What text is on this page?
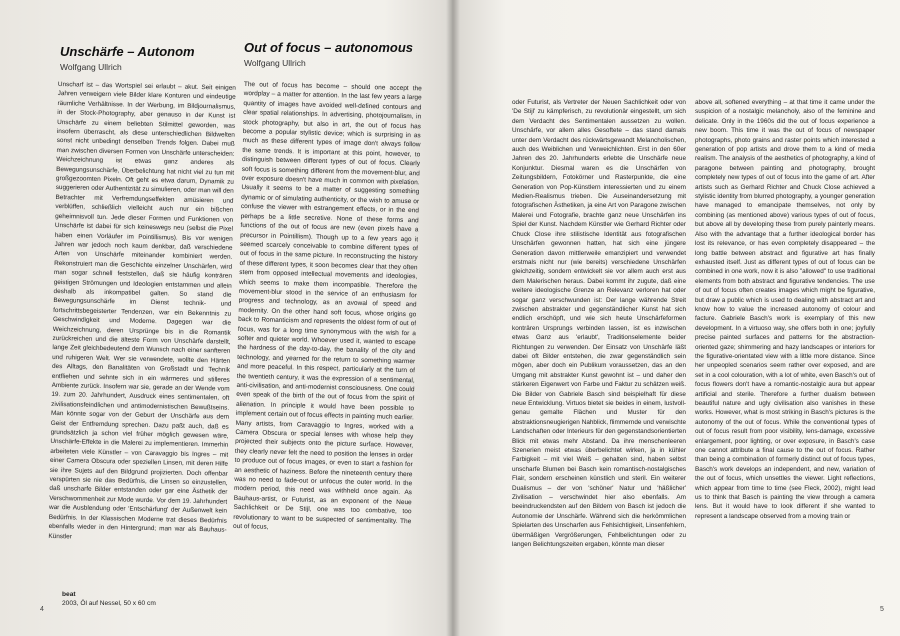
Unschärfe – Autonom
Wolfgang Ullrich
Out of focus – autonomous
Wolfgang Ullrich

Unscharf ist – das Wortspiel sei erlaubt – akut. Seit einigen Jahren verweigern viele Bilder klare Konturen und eindeutige räumliche Verhältnisse. In der Werbung, im Bildjournalismus, in der Stock-Photography, aber genauso in der Kunst ist Unschärfe zu einem beliebten Stilmittel geworden, was insofern überrascht, als diese unterschiedlichen Bildwelten sonst nicht unbedingt denselben Trends folgen. Dabei muß man zwischen diversen Formen von Unschärfe unterscheiden: Weichzeichnung ist etwas ganz anderes als Bewegungsunschärfe, Überbelichtung hat nicht viel zu tun mit großgezoomten Pixeln. Oft geht es etwa darum, Dynamik zu suggerieren oder Authentizität zu simulieren, oder man will den Betrachter mit Verfremdungseffekten amüsieren und verblüffen, schließlich vielleicht auch nur ein bißchen geheimnisvoll tun. Jede dieser Formen und Funktionen von Unschärfe ist dabei für sich keineswegs neu (selbst die Pixel haben einen Vorläufer im Pointillismus). Bis vor wenigen Jahren war jedoch noch kaum denkbar, daß verschiedene Arten von Unschärfe miteinander kombiniert werden. Rekonstruiert man die Geschichte einzelner Unschärfen, wird man sogar schnell feststellen, daß sie häufig konträren geistigen Strömungen und Ideologien entstammen und allein deshalb als inkompatibel galten. So stand die Bewegungsunschärfe im Dienst technik- und fortschrittsbegeisterter Tendenzen, war ein Bekenntnis zu Geschwindigkeit und Moderne. Dagegen war die Weichzeichnung, deren Ursprünge bis in die Romantik zurückreichen und die älteste Form von Unschärfe darstellt, lange Zeit gleichbedeutend dem Wunsch nach einer sanfteren und ruhigeren Welt. Wer sie verwendete, wollte den Härten des Alltags, den Banalitäten von Großstadt und Technik entfliehen und sehnte sich in ein wärmeres und stilleres Ambiente zurück. Insofern war sie, gerade an der Wende vom 19. zum 20. Jahrhundert, Ausdruck eines sentimentalen, oft zivilisationsfeindlichen und antimodernistischen Bewußtseins. Man könnte sogar von der Geburt der Unschärfe aus dem Geist der Entfremdung sprechen. Dazu paßt auch, daß es grundsätzlich ja schon viel früher möglich gewesen wäre, Unschärfe-Effekte in die Malerei zu implementieren. Immerhin arbeiteten viele Künstler – von Caravaggio bis Ingres – mit einer Camera Obscura oder speziellen Linsen, mit deren Hilfe sie ihre Sujets auf den Bildgrund projizierten. Doch offenbar verspürten sie nie das Bedürfnis, die Linsen so einzustellen, daß unscharfe Bilder entstanden oder gar eine Ästhetik der Verschwommenheit zur Mode wurde. Vor dem 19. Jahrhundert war die Ausblendung oder 'Entschärfung' der Außenwelt kein Bedürfnis. In der Klassischen Moderne trat dieses Bedürfnis ebenfalls wieder in den Hintergrund; man war als Bauhaus-Künstler

The out of focus has become – should one accept the wordplay – a matter for attention. In the last few years a large quantity of images have avoided well-defined contours and clear spatial relationships. In advertising, photojournalism, in stock photography, but also in art, the out of focus has become a popular stylistic device; which is surprising in as much as these different types of image don't always follow the same trends. It is important at this point, however, to distinguish between different types of out of focus. Clearly soft focus is something different from the movement-blur, and over exposure doesn't have much in common with pixelation. Usually it seems to be a matter of suggesting something dynamic or of simulating authenticity, or the wish to amuse or confuse the viewer with estrangement effects, or in the end perhaps be a little secretive. None of these forms and functions of the out of focus are new (even pixels have a precursor in Pointillism). Though up to a few years ago it seemed scarcely conceivable to combine different types of out of focus in the same picture. In reconstructing the history of these different types, it soon becomes clear that they often stem from opposed intellectual movements and ideologies, which seems to make them incompatible. Therefore the movement-blur stood in the service of an enthusiasm for progress and technology, as an avowal of speed and modernity. On the other hand soft focus, whose origins go back to Romanticism and represents the oldest form of out of focus, was for a long time synonymous with the wish for a softer and quieter world. Whoever used it, wanted to escape the hardness of the day-to-day, the banality of the city and technology, and yearned for the return to something warmer and more peaceful. In this respect, particularly at the turn of the twentieth century, it was the expression of a sentimental, anti-civilisation, and anti-modernist consciousness. One could even speak of the birth of the out of focus from the spirit of alienation. In principle it would have been possible to implement certain out of focus effects in painting much earlier. Many artists, from Caravaggio to Ingres, worked with a Camera Obscura or special lenses with whose help they projected their subjects onto the picture surface. However, they clearly never felt the need to position the lenses in order to produce out of focus images, or even to start a fashion for an aesthetic of haziness. Before the nineteenth century there was no need to fade-out or unfocus the outer world. In the modern period, this need was withheld once again. As Bauhaus-artist, or Futurist, as an exponent of the Neue Sachlichkeit or De Stijl, one was too combative, too revolutionary to want to be suspected of sentimentality. The out of focus,

beat
2003, Öl auf Nessel, 50 x 60 cm
4

oder Futurist, als Vertreter der Neuen Sachlichkeit oder von 'De Stijl' zu kämpferisch, zu revolutionär eingestellt, um sich dem Verdacht des Sentimentalen aussetzen zu wollen. Unschärfe, vor allem alles Gesoftete – das stand damals unter dem Verdacht des rückwärtsgewandt Melancholischen, auch des Weiblichen und Verweichlichten. Erst in den 60er Jahren des 20. Jahrhunderts erlebte die Unschärfe neue Konjunktur. Diesmal waren es die Unschärfen von Zeitungsbildern, Fotokörner und Rasterpunkte, die eine Generation von Pop-Künstlern interessierten und zu einem Medien-Realismus trieben. Die Auseinandersetzung mit fotografischen Ästhetiken, ja eine Art von Paragone zwischen Malerei und Fotografie, brachte ganz neue Unschärfen ins Spiel der Kunst. Nachdem Künstler wie Gerhard Richter oder Chuck Close ihre stilistische Identität aus fotografischen Unschärfen gewonnen hatten, hat sich eine jüngere Generation davon mittlerweile emanzipiert und verwendet erstmals nicht nur (wie bereits) verschiedene Unschärfen gleichzeitig, sondern entwickelt sie vor allem auch erst aus dem Malerischen heraus. Dabei kommt ihr zugute, daß eine weitere ideologische Grenze an Relevanz verloren hat oder sogar ganz verschwunden ist: Der lange währende Streit zwischen abstrakter und gegenständlicher Kunst hat sich endlich erschöpft, und wie sich heute Unschärfeformen konträren Ursprungs verbinden lassen, ist es inzwischen etwas Ganz aus 'erlaubt', Traditionselemente beider Richtungen zu verwenden. Der Einsatz von Unschärfe läßt dabei oft Bilder entstehen, die zwar gegenständlich sein mögen, aber doch ein Publikum voraussetzen, das an den Umgang mit abstrakter Kunst gewohnt ist – und daher den stärkeren Eigenwert von Farbe und Faktur zu schätzen weiß. Die Bilder von Gabriele Basch sind beispielhaft für diese neue Entwicklung. Virtuos bietet sie beides in einem, lustvoll-genau gemalte Flächen und Muster für den abstraktionsneugierigen Nahblick, flimmernde und verwischte Landschaften oder Interieurs für den gegenstandsorientierten Blick mit etwas mehr Abstand. Da ihre menschenleeren Szenerien meist etwas überbelichtet wirken, ja in kühler Farbigkeit – mit viel Weiß – gehalten sind, haben selbst unscharfe Blumen bei Basch kein romantisch-nostalgisches Flair, sondern erscheinen künstlich und steril. Ein weiterer Dualismus – der von 'schöner' Natur und 'häßlicher' Zivilisation – verschwindet hier also ebenfalls. Am beeindruckendsten auf den Bildern von Basch ist jedoch die Autonomie der Unschärfe. Während sich die herkömmlichen Spielarten des Unscharfen aus Fehlsichtigkeit, Linsenfehlern, übermäßigen Vergrößerungen, Fehlbelichtungen oder zu langen Belichtungszeiten ergaben, könnte man dieser

above all, softened everything – at that time it came under the suspicion of a nostalgic melancholy, also of the feminine and delicate. Only in the 1960s did the out of focus experience a new boom. This time it was the out of focus of newspaper photographs, photo grains and raster points which interested a generation of pop artists and drove them to a kind of media realism. The analysis of the aesthetics of photography, a kind of paragone between painting and photography, brought completely new types of out of focus into the game of art. After artists such as Gerhard Richter and Chuck Close achieved a stylistic identity from blurred photography, a younger generation have managed to emancipate themselves, not only by combining (as mentioned above) various types of out of focus, but above all by developing these from purely painterly means. Also with the advantage that a further ideological border has lost its relevance, or has even completely disappeared – the long battle between abstract and figurative art has finally exhausted itself. Just as different types of out of focus can be combined in one work, now it is also "allowed" to use traditional elements from both abstract and figurative tendencies. The use of out of focus often creates images which might be figurative, but draw a public which is used to dealing with abstract art and know how to value the increased autonomy of colour and facture. Gabriele Basch's work is exemplary of this new development. In a virtuoso way, she offers both in one; joyfully precise painted surfaces and patterns for the abstraction-oriented gaze; shimmering and hazy landscapes or interiors for the figurative-orientated view with a little more distance. Since her unpeopled scenarios seem rather over exposed, and are set in a cool colouration, with a lot of white, even Basch's out of focus flowers don't have a romantic-nostalgic aura but appear artificial and sterile. Therefore a further dualism between beautiful nature and ugly civilisation also vanishes in these works. However, what is most striking in Basch's pictures is the autonomy of the out of focus. While the conventional types of out of focus result from poor visibility, lens-damage, excessive enlargement, poor lighting, or over exposure, in Basch's case one cannot attribute a final cause to the out of focus. Rather than being a combination of formerly distinct out of focus types, Basch's work develops an independent, and new, variation of the out of focus, which unsettles the viewer. Light reflections, which appear from time to time (see Fleck, 2002), might lead us to think that Basch is painting the view through a camera lens. But it would have to look different if she wanted to represent a landscape observed from a moving train or

5
